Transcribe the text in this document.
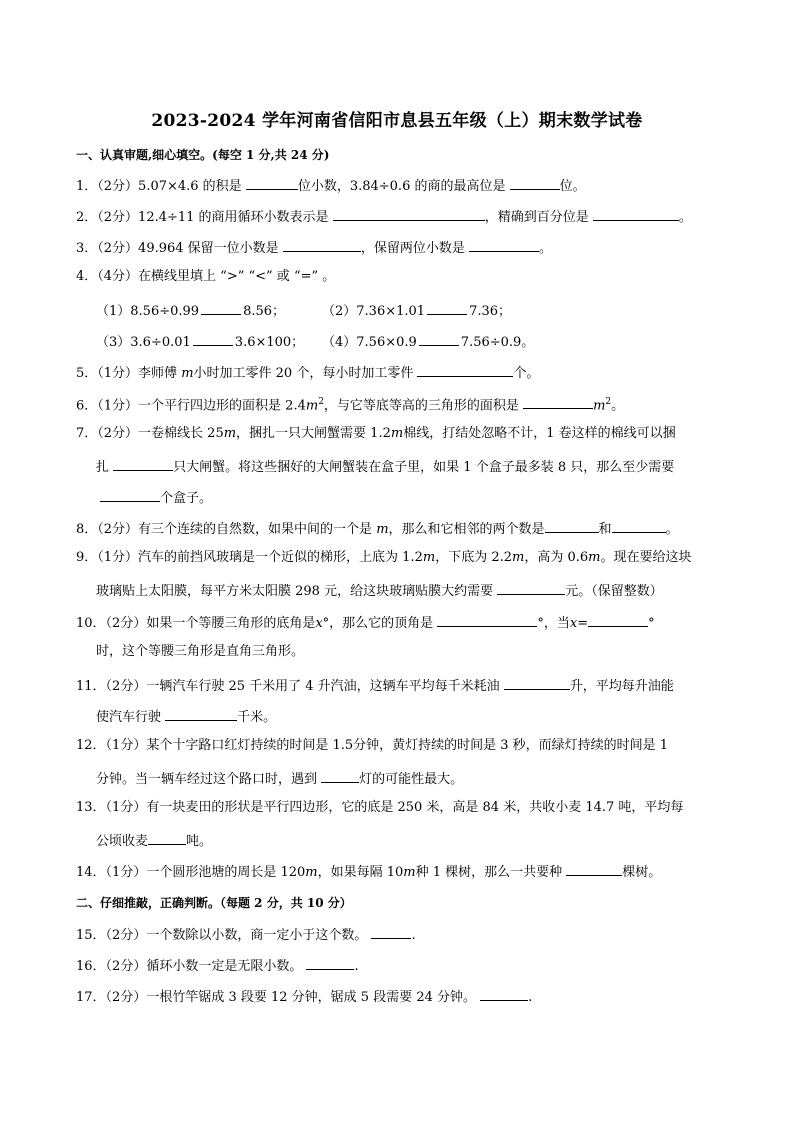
2023-2024 学年河南省信阳市息县五年级（上）期末数学试卷
一、认真审题,细心填空。(每空 1 分,共 24 分)
1．（2分）5.07×4.6 的积是	位小数，3.84÷0.6 的商的最高位是	位。
2．（2分）12.4÷11 的商用循环小数表示是	，精确到百分位是	。
3．（2分）49.964 保留一位小数是	，保留两位小数是	。
4．（4分）在横线里填上 “>” “<” 或 “=” 。
（1）8.56÷0.99	8.56；	（2）7.36×1.01	7.36；
（3）3.6÷0.01	3.6×100； （4）7.56×0.9	7.56÷0.9。
5．（1分）李师傅 m小时加工零件 20 个，每小时加工零件	个。
6．（1分）一个平行四边形的面积是 $2.4m^2$，与它等底等高的三角形的面积是	$m^2$。
7．（2分）一卷棉线长 25m，捆扎一只大闸蟹需要 1.2m棉线，打结处忽略不计，1 卷这样的棉线可以捆
扎	只大闸蟹。将这些捆好的大闸蟹装在盒子里，如果 1 个盒子最多装 8 只，那么至少需要
个盒子。
8．（2分）有三个连续的自然数，如果中间的一个是 m，那么和它相邻的两个数是	和	。
9．（1分）汽车的前挡风玻璃是一个近似的梯形，上底为 1.2m，下底为 2.2m，高为 0.6m。现在要给这块
玻璃贴上太阳膜，每平方米太阳膜 298 元，给这块玻璃贴膜大约需要	元。（保留整数）
10．（2分）如果一个等腰三角形的底角是x°，那么它的顶角是	°，当x=	°
时，这个等腰三角形是直角三角形。
11．（2分）一辆汽车行驶 25 千米用了 4 升汽油，这辆车平均每千米耗油	升，平均每升油能
使汽车行驶	千米。
12．（1分）某个十字路口红灯持续的时间是 1.5分钟，黄灯持续的时间是 3 秒，而绿灯持续的时间是 1
分钟。当一辆车经过这个路口时，遇到	灯的可能性最大。
13．（1分）有一块麦田的形状是平行四边形，它的底是 250 米，高是 84 米，共收小麦 14.7 吨，平均每
公顷收麦	吨。
14．（1分）一个圆形池塘的周长是 120m，如果每隔 10m种 1 棵树，那么一共要种	棵树。
二、仔细推敲，正确判断。（每题 2 分，共 10 分）
15．（2分）一个数除以小数，商一定小于这个数。	.
16．（2分）循环小数一定是无限小数。	.
17．（2分）一根竹竿锯成 3 段要 12 分钟，锯成 5 段需要 24 分钟。	.
